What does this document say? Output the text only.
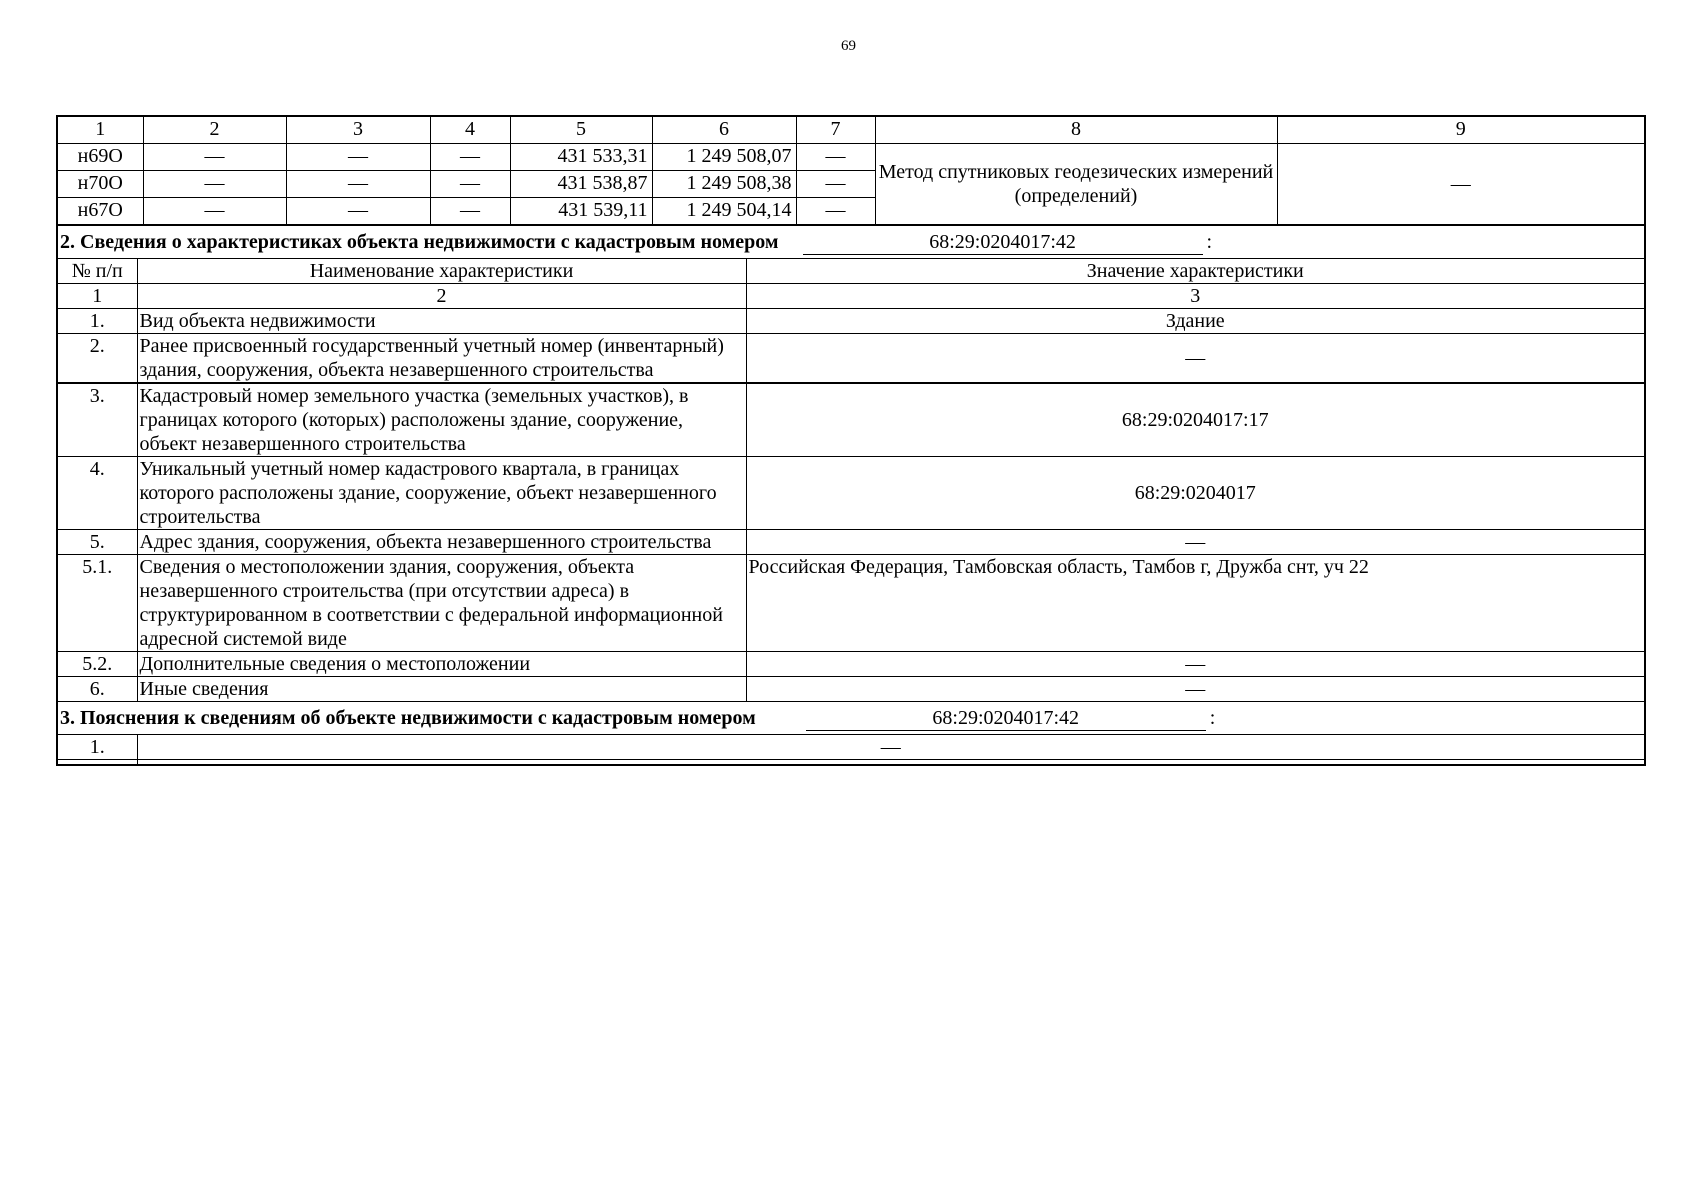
69
1	2	3	4	5	6	7	8	9
н69О	—	—	—	431 533,31	1 249 508,07	—	Метод спутниковых геодезических измерений (определений)	—
н70О	—	—	—	431 538,87	1 249 508,38	—		
н67О	—	—	—	431 539,11	1 249 504,14	—		
2. Сведения о характеристиках объекта недвижимости с кадастровым номером 68:29:0204017:42 :		

№ п/п	Наименование характеристики	Значение характеристики
1	2	3
1.	Вид объекта недвижимости	Здание
2.	Ранее присвоенный государственный учетный номер (инвентарный) здания, сооружения, объекта незавершенного строительства	—
3.	Кадастровый номер земельного участка (земельных участков), в границах которого (которых) расположены здание, сооружение, объект незавершенного строительства	68:29:0204017:17
4.	Уникальный учетный номер кадастрового квартала, в границах которого расположены здание, сооружение, объект незавершенного строительства	68:29:0204017
5.	Адрес здания, сооружения, объекта незавершенного строительства	—
5.1.	Сведения о местоположении здания, сооружения, объекта незавершенного строительства (при отсутствии адреса) в структурированном в соответствии с федеральной информационной адресной системой виде	Российская Федерация, Тамбовская область, Тамбов г, Дружба снт, уч 22
5.2.	Дополнительные сведения о местоположении	—
6.	Иные сведения	—

3. Пояснения к сведениям об объекте недвижимости с кадастровым номером 68:29:0204017:42 :		

1.	—	
